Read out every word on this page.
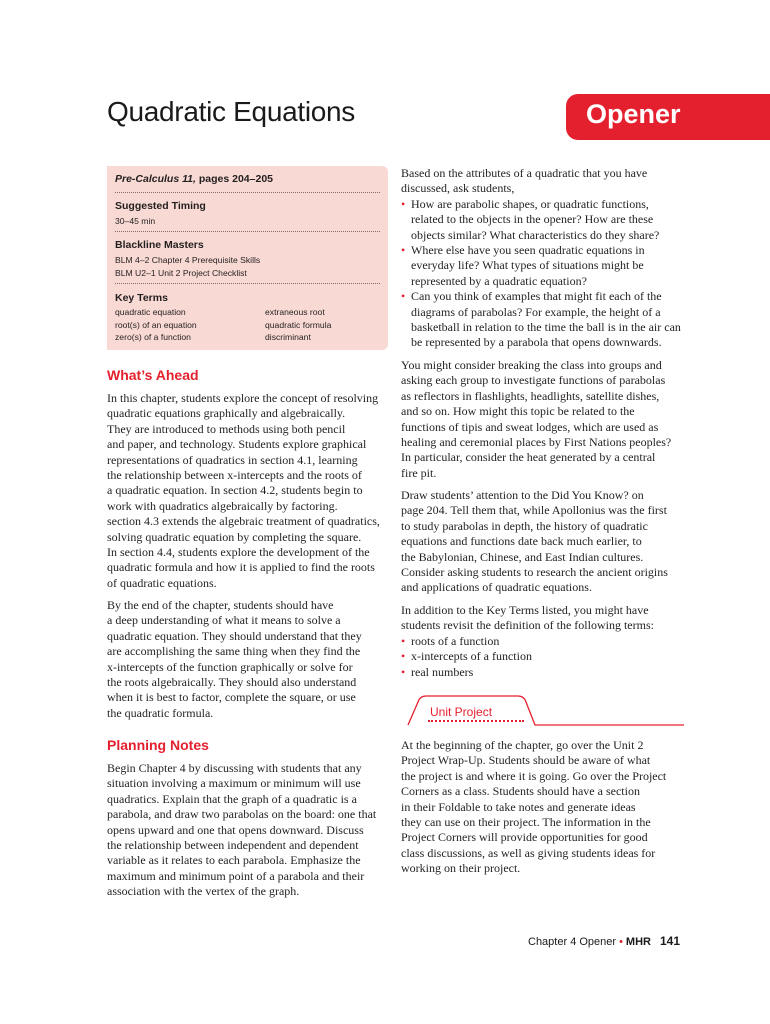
Quadratic Equations	Opener
Pre-Calculus 11, pages 204–205
Suggested Timing
30–45 min
Blackline Masters
BLM 4–2 Chapter 4 Prerequisite Skills
BLM U2–1 Unit 2 Project Checklist
Key Terms
quadratic equation
root(s) of an equation
zero(s) of a function
extraneous root
quadratic formula
discriminant
What’s Ahead

In this chapter, students explore the concept of resolving

quadratic equations graphically and algebraically.

They are introduced to methods using both pencil

and paper, and technology. Students explore graphical

representations of quadratics in section 4.1, learning

the relationship between x-intercepts and the roots of

a quadratic equation. In section 4.2, students begin to

work with quadratics algebraically by factoring.

section 4.3 extends the algebraic treatment of quadratics,

solving quadratic equation by completing the square.

In section 4.4, students explore the development of the

quadratic formula and how it is applied to find the roots

of quadratic equations.

By the end of the chapter, students should have

a deep understanding of what it means to solve a

quadratic equation. They should understand that they

are accomplishing the same thing when they find the

x-intercepts of the function graphically or solve for

the roots algebraically. They should also understand

when it is best to factor, complete the square, or use

the quadratic formula.

Planning Notes

Begin Chapter 4 by discussing with students that any

situation involving a maximum or minimum will use

quadratics. Explain that the graph of a quadratic is a

parabola, and draw two parabolas on the board: one that

opens upward and one that opens downward. Discuss

the relationship between independent and dependent

variable as it relates to each parabola. Emphasize the

maximum and minimum point of a parabola and their

association with the vertex of the graph.

Based on the attributes of a quadratic that you have

discussed, ask students,

• How are parabolic shapes, or quadratic functions,
related to the objects in the opener? How are these
objects similar? What characteristics do they share?
• Where else have you seen quadratic equations in
everyday life? What types of situations might be
represented by a quadratic equation?
• Can you think of examples that might fit each of the
diagrams of parabolas? For example, the height of a
basketball in relation to the time the ball is in the air can
be represented by a parabola that opens downwards.

You might consider breaking the class into groups and

asking each group to investigate functions of parabolas

as reflectors in flashlights, headlights, satellite dishes,

and so on. How might this topic be related to the

functions of tipis and sweat lodges, which are used as

healing and ceremonial places by First Nations peoples?

In particular, consider the heat generated by a central

fire pit.

Draw students’ attention to the Did You Know? on

page 204. Tell them that, while Apollonius was the first

to study parabolas in depth, the history of quadratic

equations and functions date back much earlier, to

the Babylonian, Chinese, and East Indian cultures.

Consider asking students to research the ancient origins

and applications of quadratic equations.

In addition to the Key Terms listed, you might have

students revisit the definition of the following terms:

• roots of a function
• x-intercepts of a function
• real numbers
Unit Project

At the beginning of the chapter, go over the Unit 2

Project Wrap-Up. Students should be aware of what

the project is and where it is going. Go over the Project

Corners as a class. Students should have a section

in their Foldable to take notes and generate ideas

they can use on their project. The information in the

Project Corners will provide opportunities for good

class discussions, as well as giving students ideas for

working on their project.

Chapter 4 Opener • MHR 141
